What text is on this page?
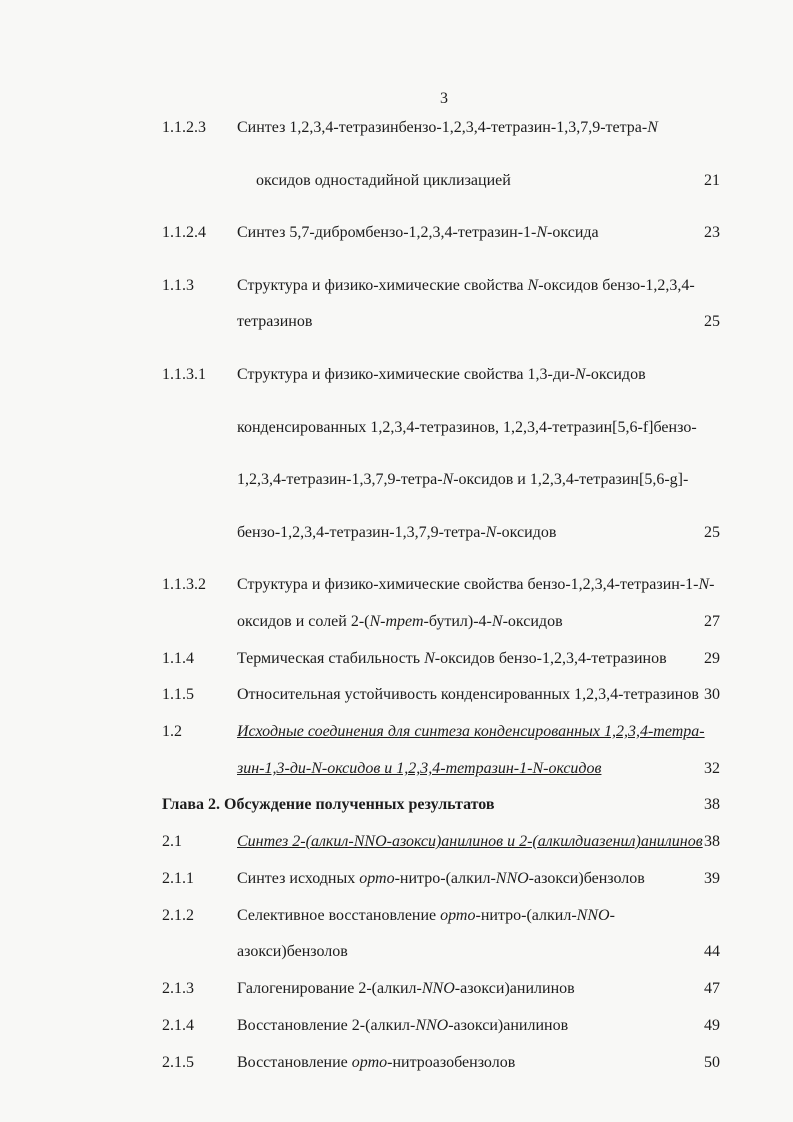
3
1.1.2.3 Синтез 1,2,3,4-тетразинбензо-1,2,3,4-тетразин-1,3,7,9-тетра-N
оксидов одностадийной циклизацией	21
1.1.2.4 Синтез 5,7-дибромбензо-1,2,3,4-тетразин-1-N-оксида	23
1.1.3	Структура и физико-химические свойства N-оксидов бензо-1,2,3,4-
тетразинов	25
1.1.3.1 Структура и физико-химические свойства 1,3-ди-N-оксидов
конденсированных 1,2,3,4-тетразинов, 1,2,3,4-тетразин[5,6-f]бензо-
1,2,3,4-тетразин-1,3,7,9-тетра-N-оксидов и 1,2,3,4-тетразин[5,6-g]-
бензо-1,2,3,4-тетразин-1,3,7,9-тетра-N-оксидов	25
1.1.3.2 Структура и физико-химические свойства бензо-1,2,3,4-тетразин-1-N-
оксидов и солей 2-(N-трет-бутил)-4-N-оксидов	27
1.1.4	Термическая стабильность N-оксидов бензо-1,2,3,4-тетразинов 29
1.1.5	Относительная устойчивость конденсированных 1,2,3,4-тетразинов 30
1.2	Исходные соединения для синтеза конденсированных 1,2,3,4-тетра-
зин-1,3-ди-N-оксидов и 1,2,3,4-тетразин-1-N-оксидов	32
Глава 2. Обсуждение полученных результатов	38
2.1	Синтез 2-(алкил-NNO-азокси)анилинов и 2-(алкилдиазенил)анилинов 38
2.1.1	Синтез исходных орто-нитро-(алкил-NNO-азокси)бензолов	39
2.1.2	Селективное восстановление орто-нитро-(алкил-NNO-
азокси)бензолов	44
2.1.3	Галогенирование 2-(алкил-NNO-азокси)анилинов	47
2.1.4	Восстановление 2-(алкил-NNO-азокси)анилинов	49
2.1.5	Восстановление орто-нитроазобензолов	50
